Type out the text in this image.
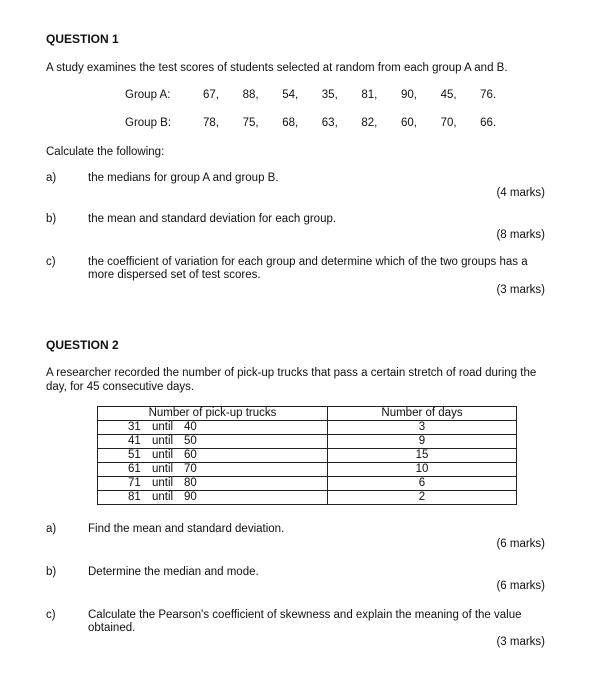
QUESTION 1
A study examines the test scores of students selected at random from each group A and B.
Group A:	67,	88,	54,	35,	81,	90,	45,	76.
Group B:	78,	75,	68,	63,	82,	60,	70,	66.
Calculate the following:
a)	the medians for group A and group B.
(4 marks)
b)	the mean and standard deviation for each group.
(8 marks)
c)	the coefficient of variation for each group and determine which of the two groups has a more dispersed set of test scores.
(3 marks)
QUESTION 2
A researcher recorded the number of pick-up trucks that pass a certain stretch of road during the day, for 45 consecutive days.
Number of pick-up trucks	Number of days
31 until 40	3
41 until 50	9
51 until 60	15
61 until 70	10
71 until 80	6
81 until 90	2
a)	Find the mean and standard deviation.
(6 marks)
b)	Determine the median and mode.
(6 marks)
c)	Calculate the Pearson's coefficient of skewness and explain the meaning of the value obtained.
(3 marks)
